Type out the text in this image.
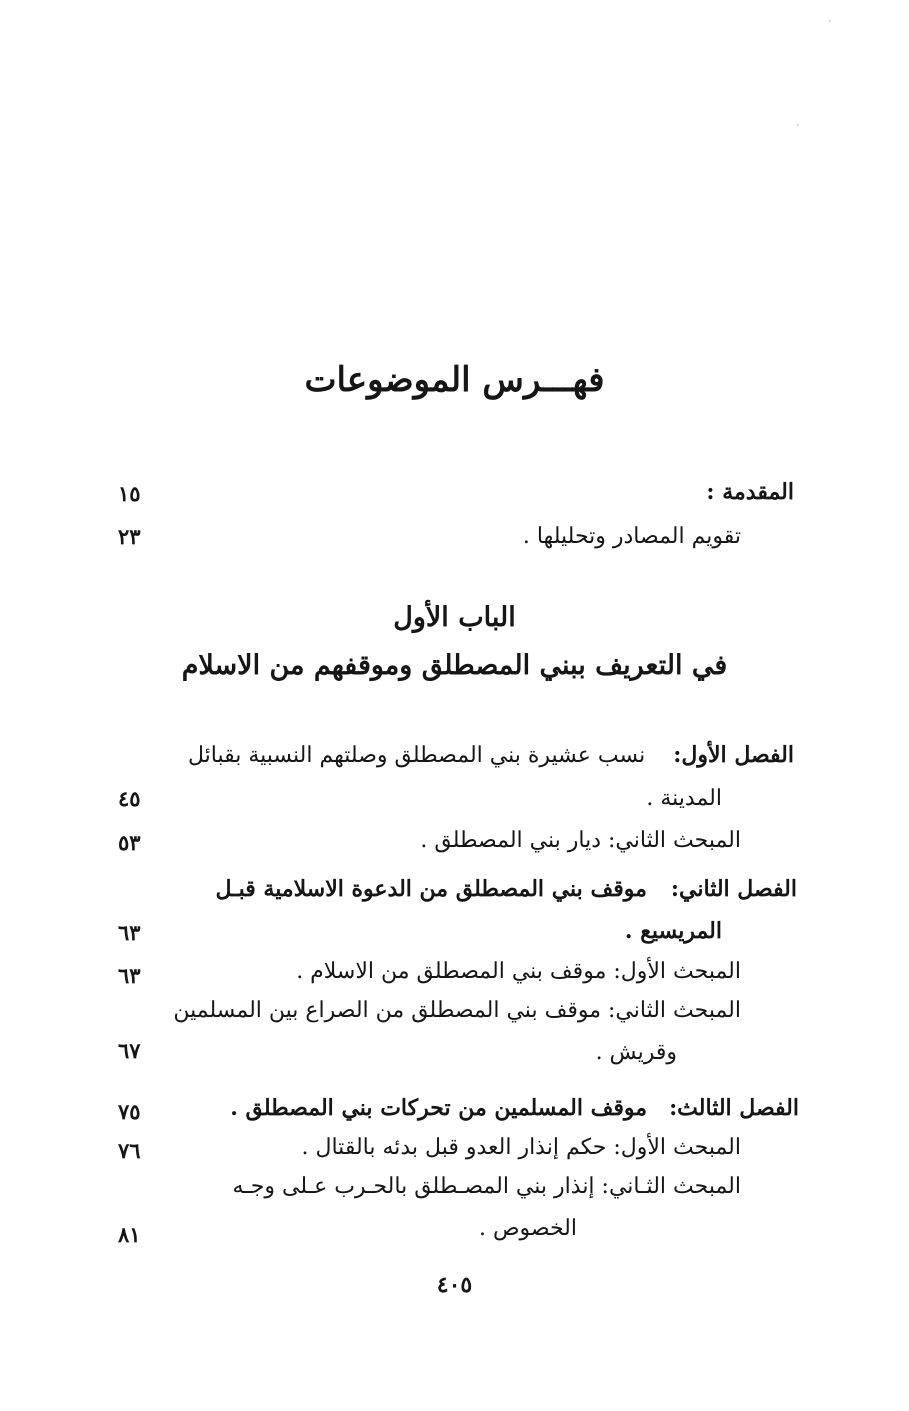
فهـــرس الموضوعات
المقدمة :
١٥
تقويم المصادر وتحليلها .
٢٣
الباب الأول
في التعريف ببني المصطلق وموقفهم من الاسلام
الفصل الأول:  نسب عشيرة بني المصطلق وصلتهم النسبية بقبائل
المدينة .
٤٥
المبحث الثاني: ديار بني المصطلق .
٥٣
الفصل الثاني:  موقف بني المصطلق من الدعوة الاسلامية قبـل
المريسيع .
٦٣
المبحث الأول: موقف بني المصطلق من الاسلام .
٦٣
المبحث الثاني: موقف بني المصطلق من الصراع بين المسلمين
وقريش .
٦٧
الفصل الثالث:  موقف المسلمين من تحركات بني المصطلق .
٧٥
المبحث الأول: حكم إنذار العدو قبل بدئه بالقتال .
٧٦
المبحث الثـاني: إنذار بني المصـطلق بالحـرب عـلى وجـه
الخصوص .
٨١
٤٠٥
